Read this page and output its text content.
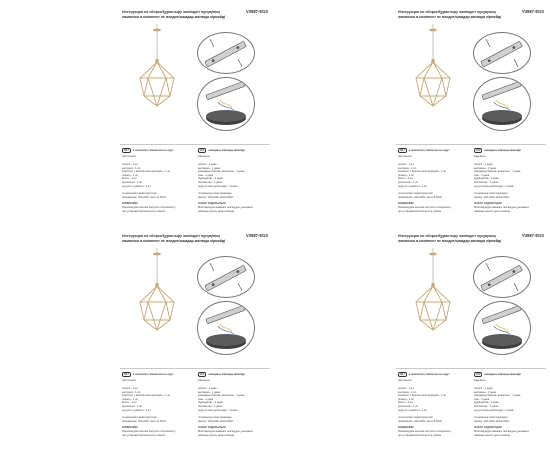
Инструкция по сборке/Құрастыру жөніндегі нұсқаулық
лампочка в комплект не входит/шамдар жинаққа кірмейді
V3987-8/1S
RU в комплекте лампочки не идут
светильник
патрон - 1 шт
колпачки - 1 шт
комплект с фиксатором проводов - 1 шт
провод - 1 шт
винты - 2 шт
крепления - 1 шт
шурупы и дюбели - 2 шт
технические характеристики:
напряжение: 220-240V частота 50Hz
ВНИМАНИЕ!
Рекомендуем монтаж поручить специалисту
при установочной мощности лампы
KZ шамдары жинаққа кірмейді
жарықшы
патрон - 1 дана
қалпақша - 1 дана
сымдарды бекіткіш жиынтығы - 1 дана
сым - 1 дана
бұрандалар - 2 дана
бекіткіштер - 1 дана
шурупы мен дюбельдер - 2 дана
техникалық сипаттамалары:
кернеу: 220-240V жиілік 50Hz
НАЗАР АУДАРЫҢЫЗ!
Монтаждауды маманға тапсыруды ұсынамыз
шамның орнату қуаты кезінде
Инструкция по сборке/Құрастыру жөніндегі нұсқаулық
лампочка в комплект не входит/шамдар жинаққа кірмейді
V3987-8/1S
RU в комплекте лампочки не идут
светильник
патрон - 1 шт
колпачки - 1 шт
комплект с фиксатором проводов - 1 шт
провод - 1 шт
винты - 2 шт
крепления - 1 шт
шурупы и дюбели - 2 шт
технические характеристики:
напряжение: 220-240V частота 50Hz
ВНИМАНИЕ!
Рекомендуем монтаж поручить специалисту
при установочной мощности лампы
KZ шамдары жинаққа кірмейді
жарықшы
патрон - 1 дана
қалпақша - 1 дана
сымдарды бекіткіш жиынтығы - 1 дана
сым - 1 дана
бұрандалар - 2 дана
бекіткіштер - 1 дана
шурупы мен дюбельдер - 2 дана
техникалық сипаттамалары:
кернеу: 220-240V жиілік 50Hz
НАЗАР АУДАРЫҢЫЗ!
Монтаждауды маманға тапсыруды ұсынамыз
шамның орнату қуаты кезінде
Инструкция по сборке/Құрастыру жөніндегі нұсқаулық
лампочка в комплект не входит/шамдар жинаққа кірмейді
V3987-8/1S
RU в комплекте лампочки не идут
светильник
патрон - 1 шт
колпачки - 1 шт
комплект с фиксатором проводов - 1 шт
провод - 1 шт
винты - 2 шт
крепления - 1 шт
шурупы и дюбели - 2 шт
технические характеристики:
напряжение: 220-240V частота 50Hz
ВНИМАНИЕ!
Рекомендуем монтаж поручить специалисту
при установочной мощности лампы
KZ шамдары жинаққа кірмейді
жарықшы
патрон - 1 дана
қалпақша - 1 дана
сымдарды бекіткіш жиынтығы - 1 дана
сым - 1 дана
бұрандалар - 2 дана
бекіткіштер - 1 дана
шурупы мен дюбельдер - 2 дана
техникалық сипаттамалары:
кернеу: 220-240V жиілік 50Hz
НАЗАР АУДАРЫҢЫЗ!
Монтаждауды маманға тапсыруды ұсынамыз
шамның орнату қуаты кезінде
Инструкция по сборке/Құрастыру жөніндегі нұсқаулық
лампочка в комплект не входит/шамдар жинаққа кірмейді
V3987-8/1S
RU в комплекте лампочки не идут
светильник
патрон - 1 шт
колпачки - 1 шт
комплект с фиксатором проводов - 1 шт
провод - 1 шт
винты - 2 шт
крепления - 1 шт
шурупы и дюбели - 2 шт
технические характеристики:
напряжение: 220-240V частота 50Hz
ВНИМАНИЕ!
Рекомендуем монтаж поручить специалисту
при установочной мощности лампы
KZ шамдары жинаққа кірмейді
жарықшы
патрон - 1 дана
қалпақша - 1 дана
сымдарды бекіткіш жиынтығы - 1 дана
сым - 1 дана
бұрандалар - 2 дана
бекіткіштер - 1 дана
шурупы мен дюбельдер - 2 дана
техникалық сипаттамалары:
кернеу: 220-240V жиілік 50Hz
НАЗАР АУДАРЫҢЫЗ!
Монтаждауды маманға тапсыруды ұсынамыз
шамның орнату қуаты кезінде
